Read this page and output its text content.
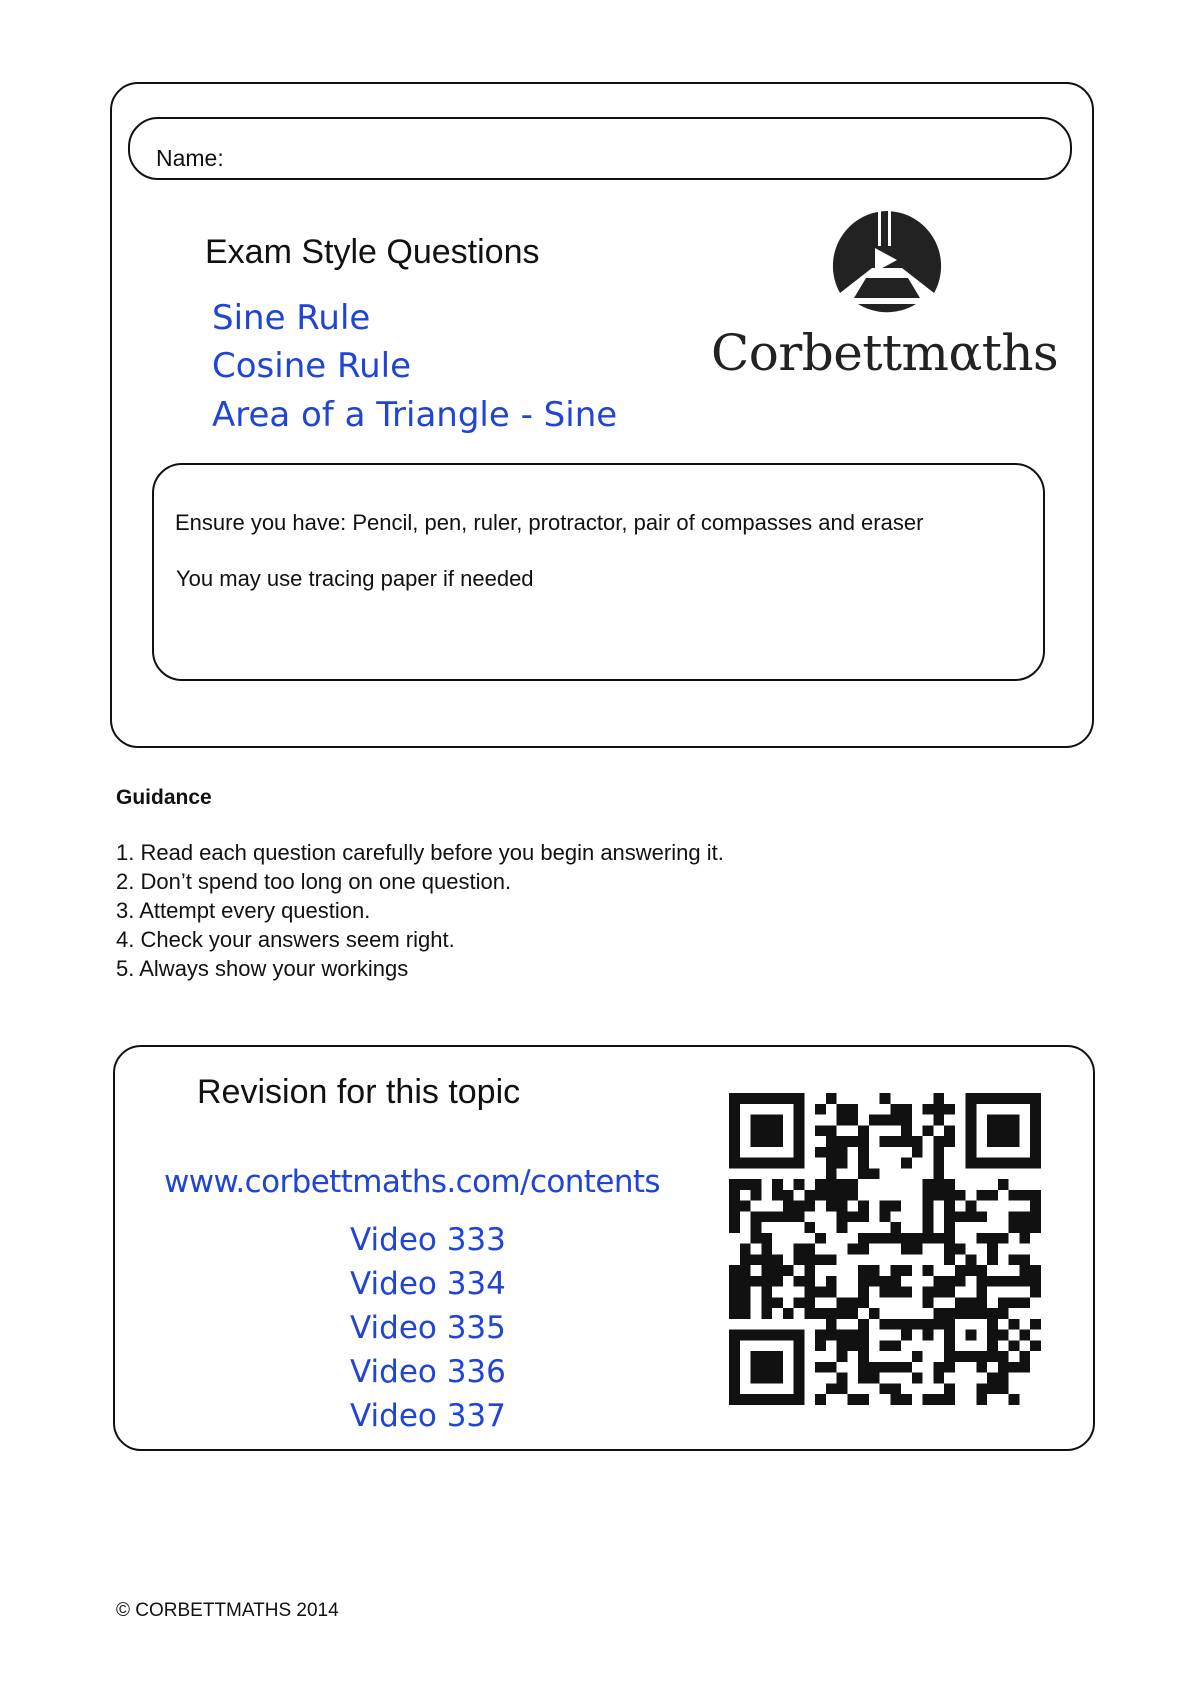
Name:
Exam Style Questions
Sine Rule
Cosine Rule
Area of a Triangle - Sine
Corbettmαths
Ensure you have: Pencil, pen, ruler, protractor, pair of compasses and eraser
You may use tracing paper if needed
Guidance
1. Read each question carefully before you begin answering it.
2. Don’t spend too long on one question.
3. Attempt every question.
4. Check your answers seem right.
5. Always show your workings
Revision for this topic
www.corbettmaths.com/contents
Video 333
Video 334
Video 335
Video 336
Video 337
© CORBETTMATHS 2014
